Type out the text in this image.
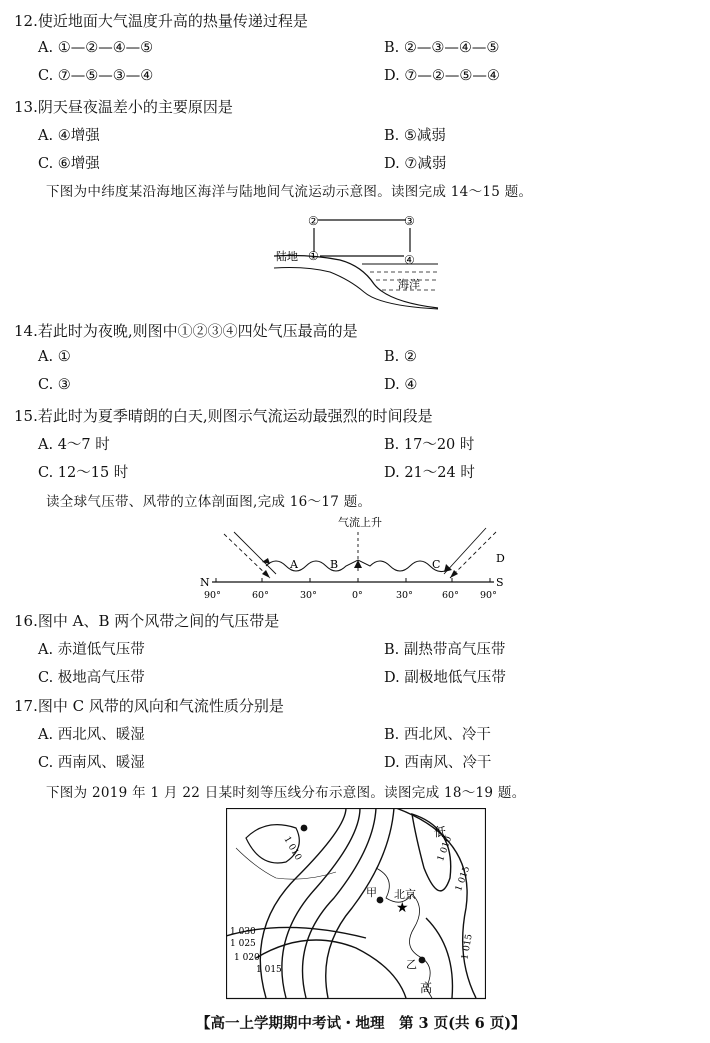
12.使近地面大气温度升高的热量传递过程是
A. ①—②—④—⑤	B. ②—③—④—⑤
C. ⑦—⑤—③—④	D. ⑦—②—⑤—④
13.阴天昼夜温差小的主要原因是
A. ④增强	B. ⑤减弱
C. ⑥增强	D. ⑦减弱
下图为中纬度某沿海地区海洋与陆地间气流运动示意图。读图完成 14～15 题。
②	③
①	④
陆地
海洋
14.若此时为夜晚,则图中①②③④四处气压最高的是
A. ①	B. ②
C. ③	D. ④
15.若此时为夏季晴朗的白天,则图示气流运动最强烈的时间段是
A. 4～7 时	B. 17～20 时
C. 12～15 时	D. 21～24 时
读全球气压带、风带的立体剖面图,完成 16～17 题。
气流上升
A	B	C	D
N	S
90°	60°	30°	0°	30°	60° 90°
16.图中 A、B 两个风带之间的气压带是
A. 赤道低气压带	B. 副热带高气压带
C. 极地高气压带	D. 副极地低气压带
17.图中 C 风带的风向和气流性质分别是
A. 西北风、暖湿	B. 西北风、冷干
C. 西南风、暖湿	D. 西南风、冷干
下图为 2019 年 1 月 22 日某时刻等压线分布示意图。读图完成 18～19 题。
★
低
高
甲
乙
北京
1 030
1 025
1 020
1 015
1 010
1 015
1 015
1 010
【高一上学期期中考试・地理　第 3 页(共 6 页)】
